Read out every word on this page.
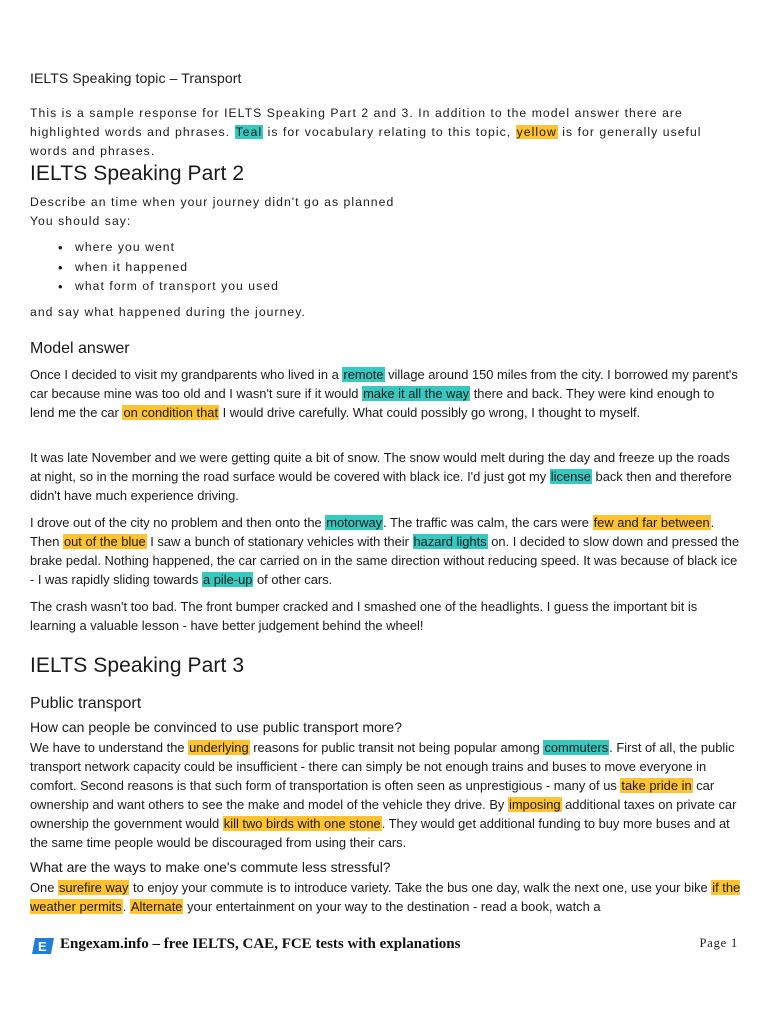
IELTS Speaking topic – Transport
This is a sample response for IELTS Speaking Part 2 and 3. In addition to the model answer there are highlighted words and phrases. Teal is for vocabulary relating to this topic, yellow is for generally useful words and phrases.
IELTS Speaking Part 2
Describe an time when your journey didn't go as planned
You should say:
• where you went
• when it happened
• what form of transport you used
and say what happened during the journey.
Model answer
Once I decided to visit my grandparents who lived in a remote village around 150 miles from the city. I borrowed my parent's car because mine was too old and I wasn't sure if it would make it all the way there and back. They were kind enough to lend me the car on condition that I would drive carefully. What could possibly go wrong, I thought to myself.
It was late November and we were getting quite a bit of snow. The snow would melt during the day and freeze up the roads at night, so in the morning the road surface would be covered with black ice. I'd just got my license back then and therefore didn't have much experience driving.
I drove out of the city no problem and then onto the motorway. The traffic was calm, the cars were few and far between. Then out of the blue I saw a bunch of stationary vehicles with their hazard lights on. I decided to slow down and pressed the brake pedal. Nothing happened, the car carried on in the same direction without reducing speed. It was because of black ice - I was rapidly sliding towards a pile-up of other cars.
The crash wasn't too bad. The front bumper cracked and I smashed one of the headlights. I guess the important bit is learning a valuable lesson - have better judgement behind the wheel!
IELTS Speaking Part 3
Public transport
How can people be convinced to use public transport more?
We have to understand the underlying reasons for public transit not being popular among commuters. First of all, the public transport network capacity could be insufficient - there can simply be not enough trains and buses to move everyone in comfort. Second reasons is that such form of transportation is often seen as unprestigious - many of us take pride in car ownership and want others to see the make and model of the vehicle they drive. By imposing additional taxes on private car ownership the government would kill two birds with one stone. They would get additional funding to buy more buses and at the same time people would be discouraged from using their cars.
What are the ways to make one's commute less stressful?
One surefire way to enjoy your commute is to introduce variety. Take the bus one day, walk the next one, use your bike if the weather permits. Alternate your entertainment on your way to the destination - read a book, watch a
E Engexam.info – free IELTS, CAE, FCE tests with explanations	Page 1
